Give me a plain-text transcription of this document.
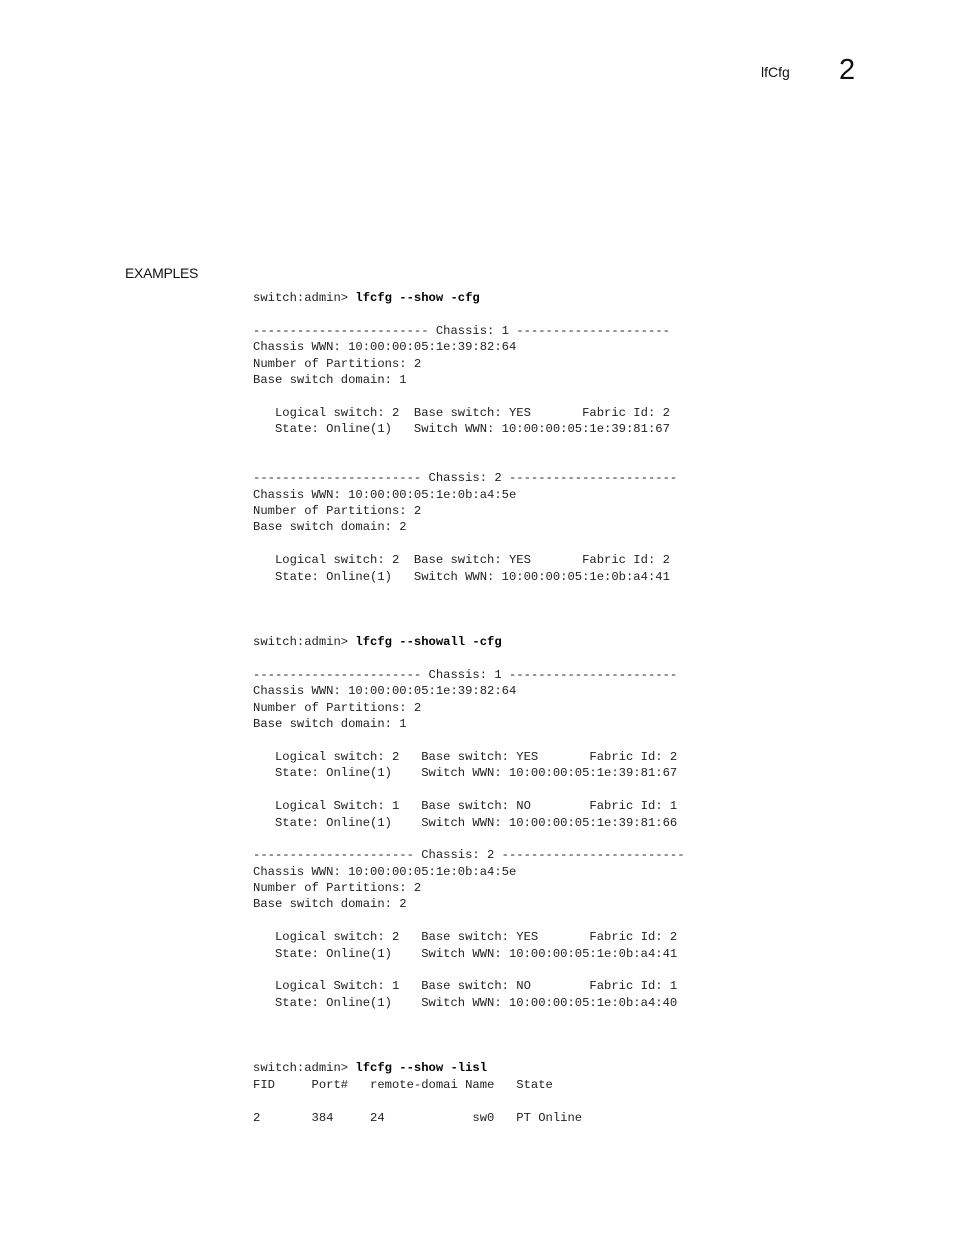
lfCfg 2
EXAMPLES
switch:admin> lfcfg --show -cfg
------------------------ Chassis: 1 ---------------------
Chassis WWN: 10:00:00:05:1e:39:82:64
Number of Partitions: 2
Base switch domain: 1
Logical switch: 2  Base switch: YES       Fabric Id: 2
State: Online(1)   Switch WWN: 10:00:00:05:1e:39:81:67
----------------------- Chassis: 2 -----------------------
Chassis WWN: 10:00:00:05:1e:0b:a4:5e
Number of Partitions: 2
Base switch domain: 2
Logical switch: 2  Base switch: YES       Fabric Id: 2
State: Online(1)   Switch WWN: 10:00:00:05:1e:0b:a4:41
switch:admin> lfcfg --showall -cfg
----------------------- Chassis: 1 -----------------------
Chassis WWN: 10:00:00:05:1e:39:82:64
Number of Partitions: 2
Base switch domain: 1
Logical switch: 2   Base switch: YES       Fabric Id: 2
State: Online(1)    Switch WWN: 10:00:00:05:1e:39:81:67
Logical Switch: 1   Base switch: NO        Fabric Id: 1
State: Online(1)    Switch WWN: 10:00:00:05:1e:39:81:66
---------------------- Chassis: 2 -------------------------
Chassis WWN: 10:00:00:05:1e:0b:a4:5e
Number of Partitions: 2
Base switch domain: 2
Logical switch: 2   Base switch: YES       Fabric Id: 2
State: Online(1)    Switch WWN: 10:00:00:05:1e:0b:a4:41
Logical Switch: 1   Base switch: NO        Fabric Id: 1
State: Online(1)    Switch WWN: 10:00:00:05:1e:0b:a4:40
switch:admin> lfcfg --show -lisl
FID     Port#   remote-domai Name   State
2       384     24            sw0   PT Online
